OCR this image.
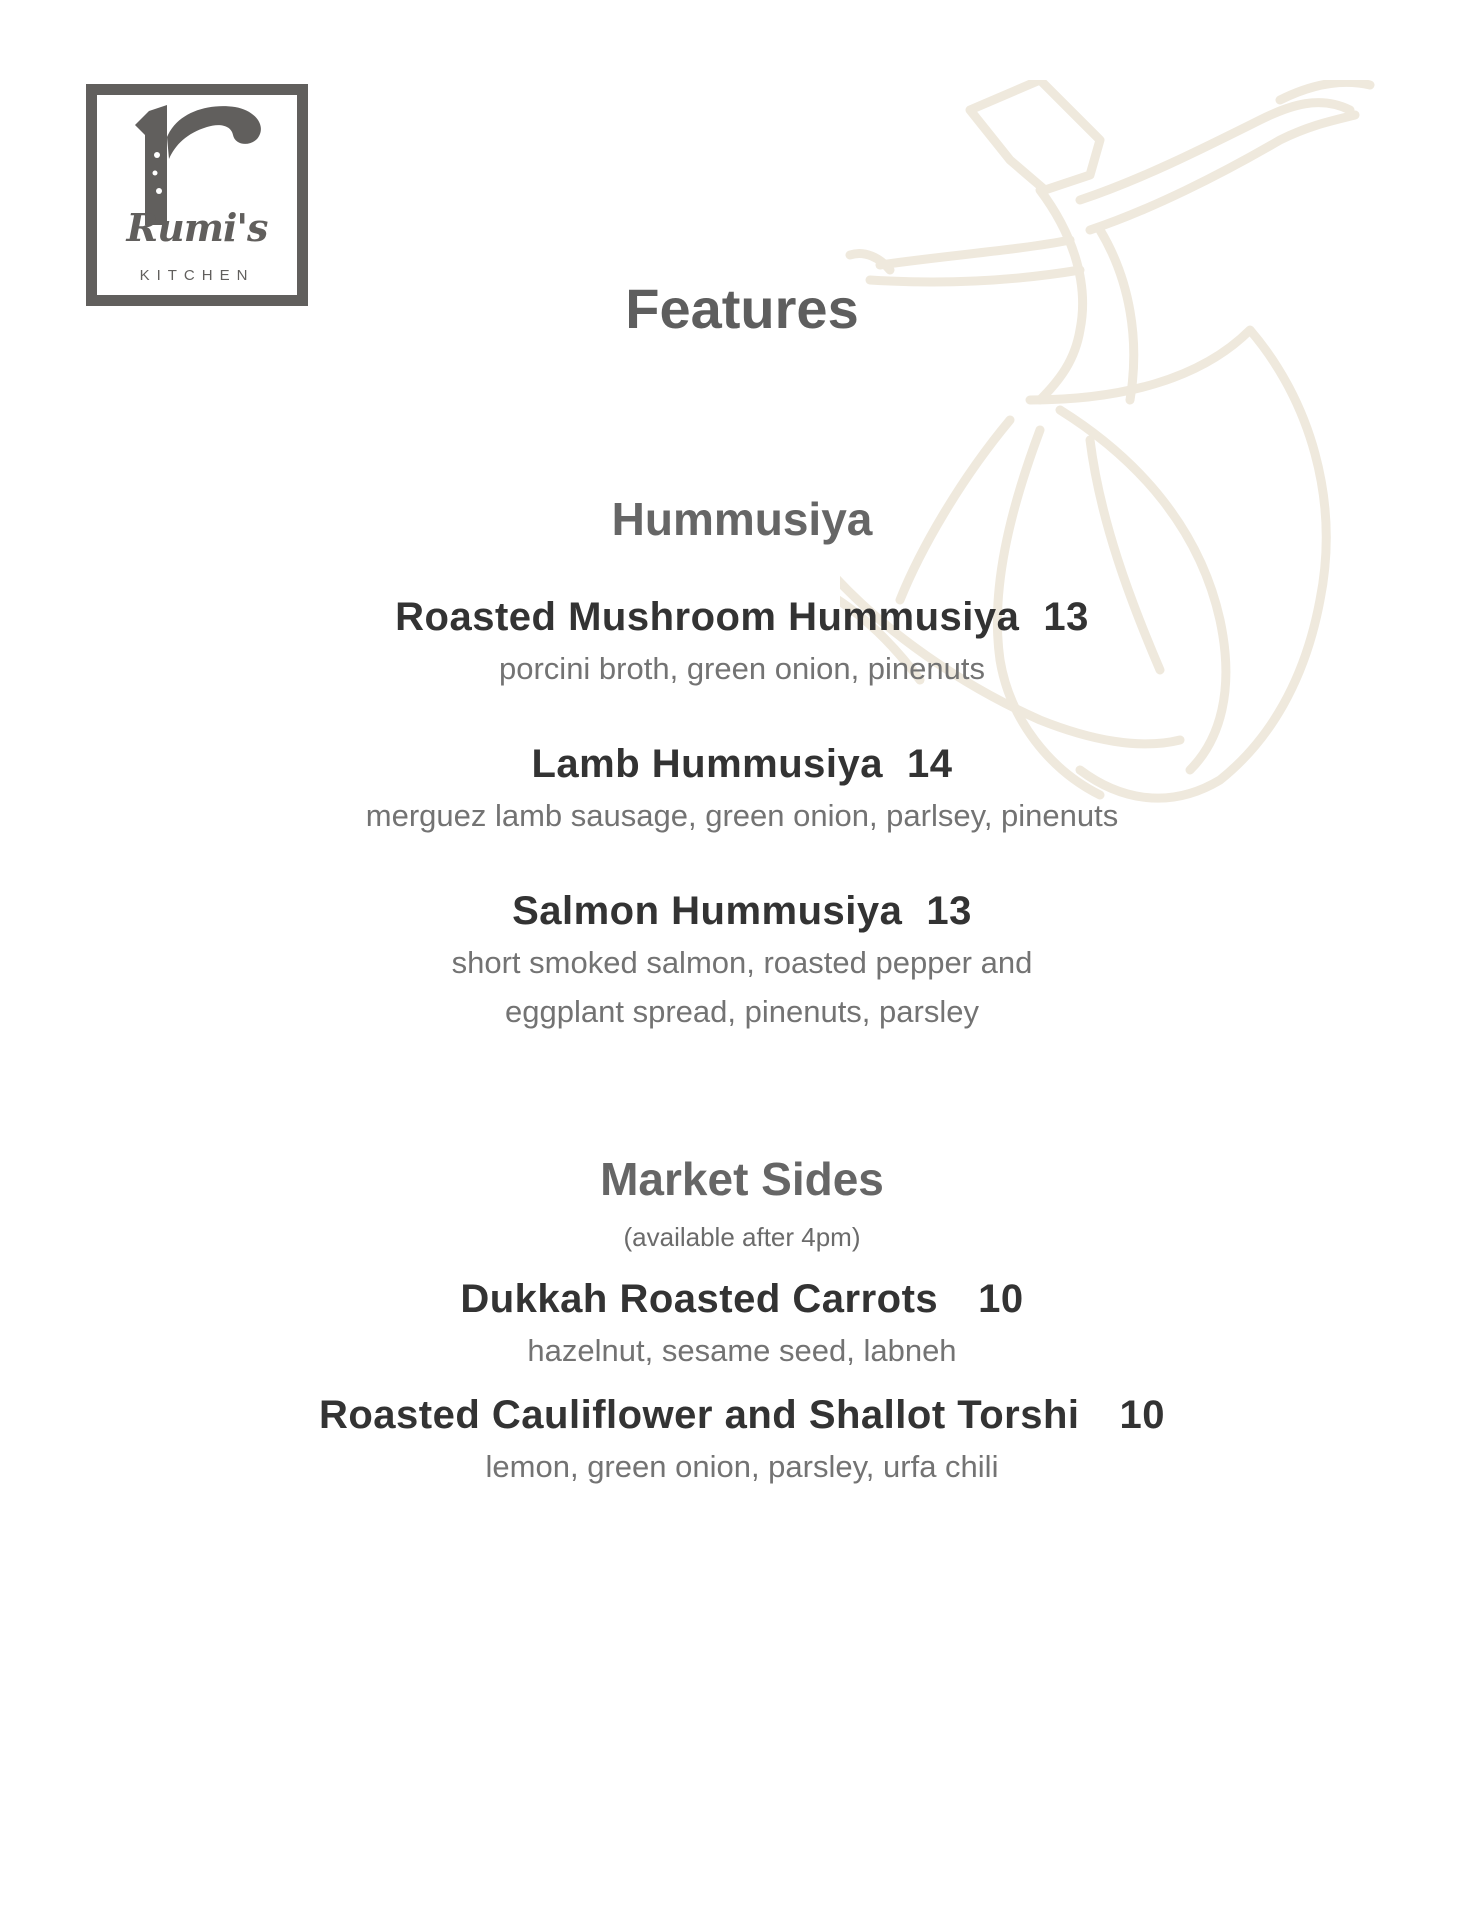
Rumi's
KITCHEN
Features
Hummusiya
Roasted Mushroom Hummusiya 13
porcini broth, green onion, pinenuts
Lamb Hummusiya 14
merguez lamb sausage, green onion, parlsey, pinenuts
Salmon Hummusiya 13
short smoked salmon, roasted pepper and
eggplant spread, pinenuts, parsley
Market Sides
(available after 4pm)
Dukkah Roasted Carrots 10
hazelnut, sesame seed, labneh
Roasted Cauliflower and Shallot Torshi 10
lemon, green onion, parsley, urfa chili
